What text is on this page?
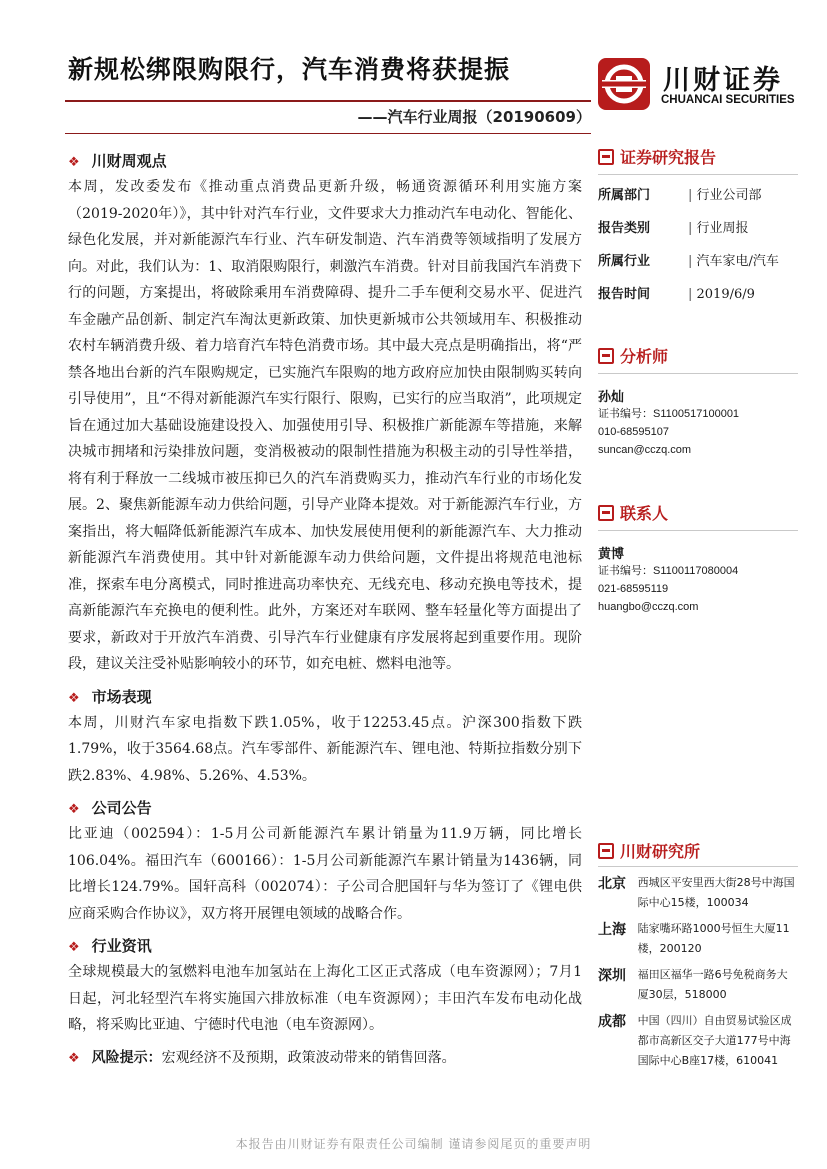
新规松绑限购限行，汽车消费将获提振
——汽车行业周报（20190609）
川财证券
CHUANCAI SECURITIES
❖ 川财周观点

本周，发改委发布《推动重点消费品更新升级，畅通资源循环利用实施方案（2019-2020年）》，其中针对汽车行业，文件要求大力推动汽车电动化、智能化、绿色化发展，并对新能源汽车行业、汽车研发制造、汽车消费等领域指明了发展方向。对此，我们认为：1、取消限购限行，刺激汽车消费。针对目前我国汽车消费下行的问题，方案提出，将破除乘用车消费障碍、提升二手车便利交易水平、促进汽车金融产品创新、制定汽车淘汰更新政策、加快更新城市公共领域用车、积极推动农村车辆消费升级、着力培育汽车特色消费市场。其中最大亮点是明确指出，将“严禁各地出台新的汽车限购规定，已实施汽车限购的地方政府应加快由限制购买转向引导使用”，且“不得对新能源汽车实行限行、限购，已实行的应当取消”，此项规定旨在通过加大基础设施建设投入、加强使用引导、积极推广新能源车等措施，来解决城市拥堵和污染排放问题，变消极被动的限制性措施为积极主动的引导性举措，将有利于释放一二线城市被压抑已久的汽车消费购买力，推动汽车行业的市场化发展。2、聚焦新能源车动力供给问题，引导产业降本提效。对于新能源汽车行业，方案指出，将大幅降低新能源汽车成本、加快发展使用便利的新能源汽车、大力推动新能源汽车消费使用。其中针对新能源车动力供给问题，文件提出将规范电池标准，探索车电分离模式，同时推进高功率快充、无线充电、移动充换电等技术，提高新能源汽车充换电的便利性。此外，方案还对车联网、整车轻量化等方面提出了要求，新政对于开放汽车消费、引导汽车行业健康有序发展将起到重要作用。现阶段，建议关注受补贴影响较小的环节，如充电桩、燃料电池等。

❖ 市场表现

本周，川财汽车家电指数下跌1.05%，收于12253.45点。沪深300指数下跌1.79%，收于3564.68点。汽车零部件、新能源汽车、锂电池、特斯拉指数分别下跌2.83%、4.98%、5.26%、4.53%。

❖ 公司公告

比亚迪（002594）：1-5月公司新能源汽车累计销量为11.9万辆，同比增长106.04%。福田汽车（600166）：1-5月公司新能源汽车累计销量为1436辆，同比增长124.79%。国轩高科（002074）：子公司合肥国轩与华为签订了《锂电供应商采购合作协议》，双方将开展锂电领域的战略合作。

❖ 行业资讯

全球规模最大的氢燃料电池车加氢站在上海化工区正式落成（电车资源网）；7月1日起，河北轻型汽车将实施国六排放标准（电车资源网）；丰田汽车发布电动化战略，将采购比亚迪、宁德时代电池（电车资源网）。

❖ 风险提示：宏观经济不及预期，政策波动带来的销售回落。
证券研究报告
所属部门	| 行业公司部
报告类别	| 行业周报
所属行业	| 汽车家电/汽车
报告时间	| 2019/6/9
分析师
孙灿
证书编号：S1100517100001
010-68595107
suncan@cczq.com
联系人
黄博
证书编号：S1100117080004
021-68595119
huangbo@cczq.com
川财研究所
北京	西城区平安里西大街28号中海国际中心15楼，100034
上海	陆家嘴环路1000号恒生大厦11楼，200120
深圳	福田区福华一路6号免税商务大厦30层，518000
成都	中国（四川）自由贸易试验区成都市高新区交子大道177号中海国际中心B座17楼，610041
本报告由川财证券有限责任公司编制 谨请参阅尾页的重要声明
